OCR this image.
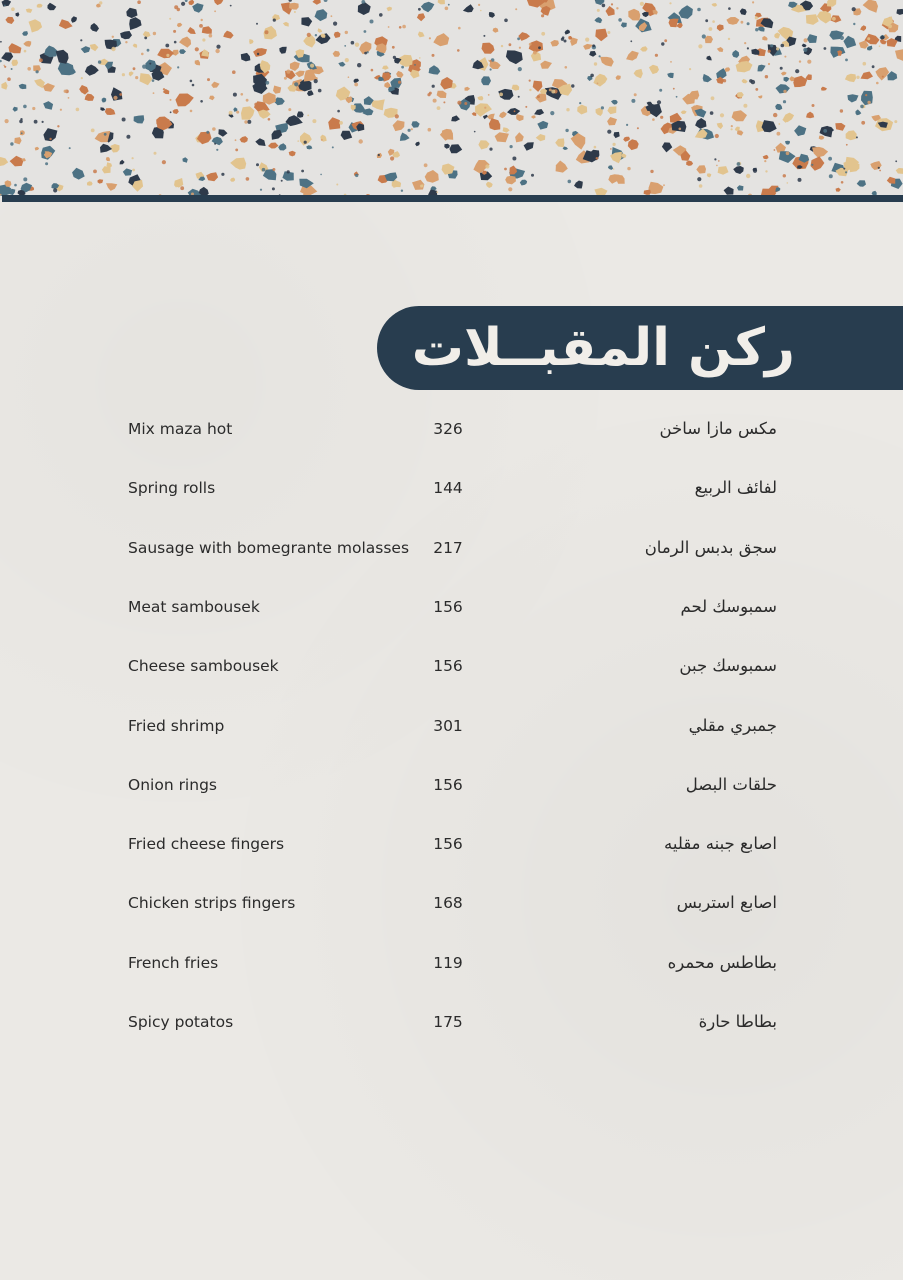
ركن المقبــلات
Mix maza hot	326	مكس مازا ساخن
Spring rolls	144	لفائف الربيع
Sausage with bomegrante molasses	217	سجق بدبس الرمان
Meat sambousek	156	سمبوسك لحم
Cheese sambousek	156	سمبوسك جبن
Fried shrimp	301	جمبري مقلي
Onion rings	156	حلقات البصل
Fried cheese fingers	156	اصابع جبنه مقليه
Chicken strips fingers	168	اصابع استربس
French fries	119	بطاطس محمره
Spicy potatos	175	بطاطا حارة
